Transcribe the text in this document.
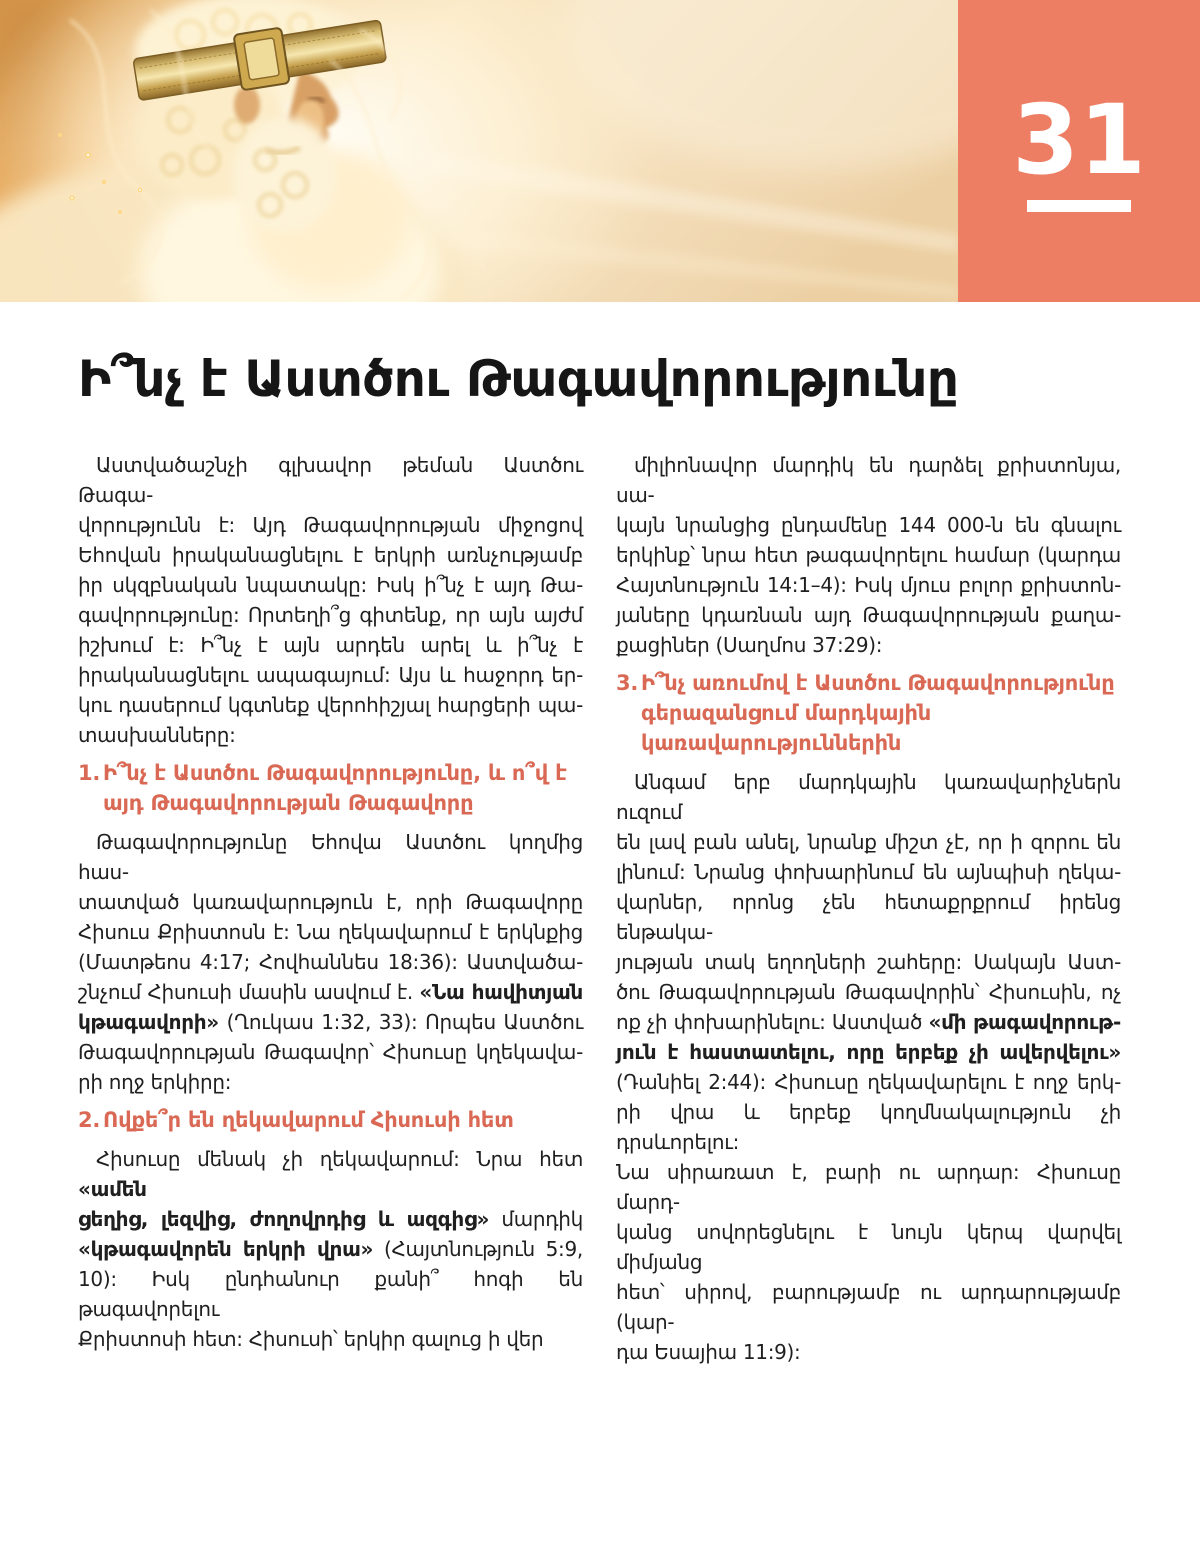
31
Ի՞նչ է Աստծու Թագավորությունը
Աստվածաշնչի գլխավոր թեման Աստծու Թագա-
վորությունն է: Այդ Թագավորության միջոցով
Եհովան իրականացնելու է երկրի առնչությամբ
իր սկզբնական նպատակը: Իսկ ի՞նչ է այդ Թա-
գավորությունը: Որտեղի՞ց գիտենք, որ այն այժմ
իշխում է: Ի՞նչ է այն արդեն արել և ի՞նչ է
իրականացնելու ապագայում: Այս և հաջորդ եր-
կու դասերում կգտնեք վերոհիշյալ հարցերի պա-
տասխանները:
1. Ի՞նչ է Աստծու Թագավորությունը, և ո՞վ է
այդ Թագավորության Թագավորը
Թագավորությունը Եհովա Աստծու կողմից հաս-
տատված կառավարություն է, որի Թագավորը
Հիսուս Քրիստոսն է: Նա ղեկավարում է երկնքից
(Մատթեոս 4:17; Հովհաննես 18:36): Աստվածա-
շնչում Հիսուսի մասին ասվում է. «Նա հավիտյան
կթագավորի» (Ղուկաս 1:32, 33): Որպես Աստծու
Թագավորության Թագավոր՝ Հիսուսը կղեկավա-
րի ողջ երկիրը:
2. Ովքե՞ր են ղեկավարում Հիսուսի հետ
Հիսուսը մենակ չի ղեկավարում: Նրա հետ «ամեն
ցեղից, լեզվից, ժողովրդից և ազգից» մարդիկ
«կթագավորեն երկրի վրա» (Հայտնություն 5:9,
10): Իսկ ընդհանուր քանի՞ հոգի են թագավորելու
Քրիստոսի հետ: Հիսուսի՝ երկիր գալուց ի վեր
միլիոնավոր մարդիկ են դարձել քրիստոնյա, սա-
կայն նրանցից ընդամենը 144 000-ն են գնալու
երկինք՝ նրա հետ թագավորելու համար (կարդա
Հայտնություն 14:1–4): Իսկ մյուս բոլոր քրիստոն-
յաները կդառնան այդ Թագավորության քաղա-
քացիներ (Սաղմոս 37:29):
3. Ի՞նչ առումով է Աստծու Թագավորությունը
գերազանցում մարդկային
կառավարություններին
Անգամ երբ մարդկային կառավարիչներն ուզում
են լավ բան անել, նրանք միշտ չէ, որ ի զորու են
լինում: Նրանց փոխարինում են այնպիսի ղեկա-
վարներ, որոնց չեն հետաքրքրում իրենց ենթակա-
յության տակ եղողների շահերը: Սակայն Աստ-
ծու Թագավորության Թագավորին՝ Հիսուսին, ոչ
ոք չի փոխարինելու: Աստված «մի թագավորութ-
յուն է հաստատելու, որը երբեք չի ավերվելու»
(Դանիել 2:44): Հիսուսը ղեկավարելու է ողջ երկ-
րի վրա և երբեք կողմնակալություն չի դրսևորելու:
Նա սիրառատ է, բարի ու արդար: Հիսուսը մարդ-
կանց սովորեցնելու է նույն կերպ վարվել միմյանց
հետ՝ սիրով, բարությամբ ու արդարությամբ (կար-
դա Եսայիա 11:9):
